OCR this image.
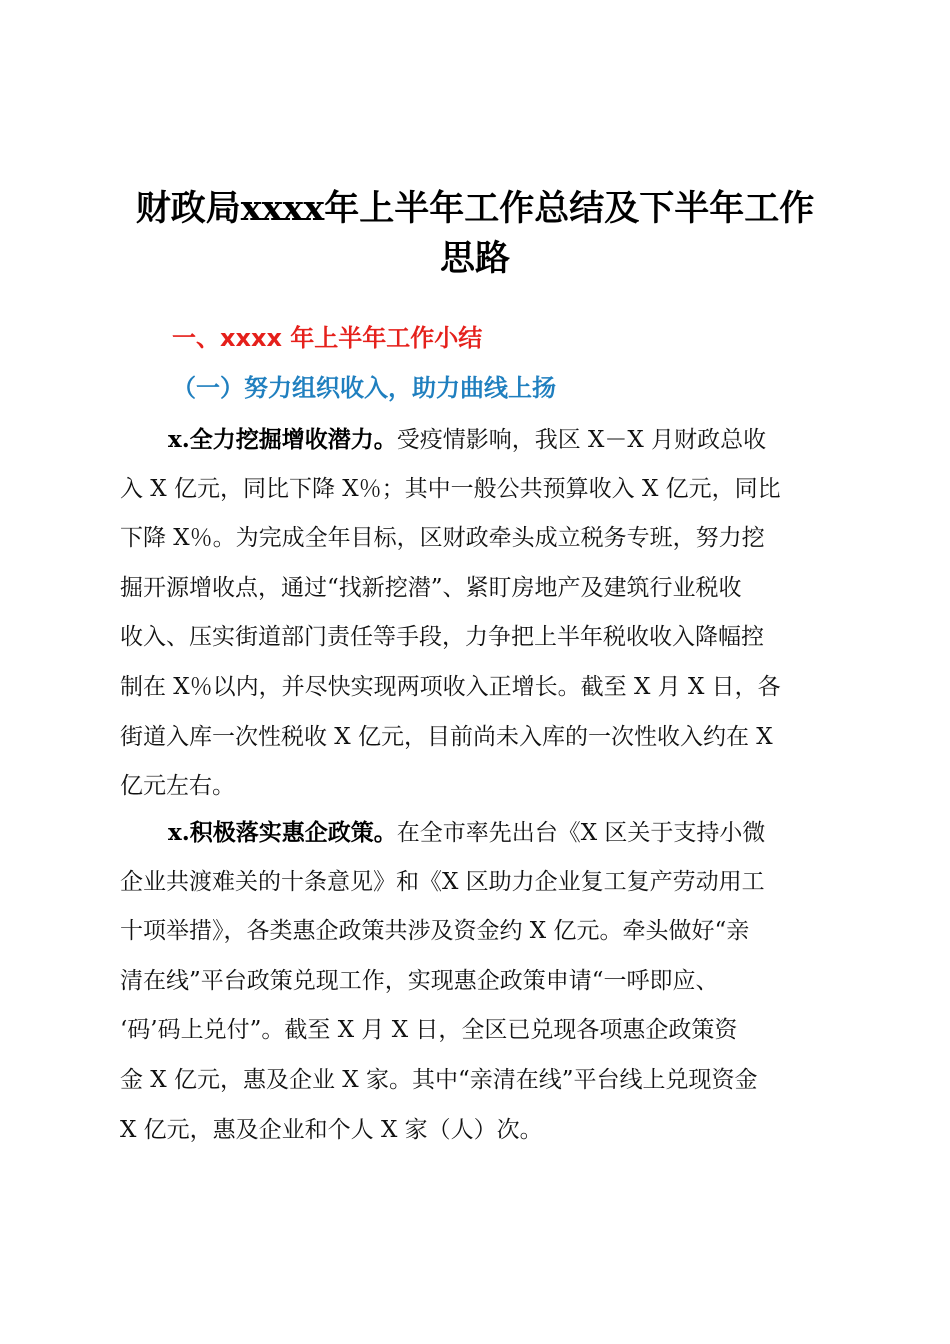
财政局xxxx年上半年工作总结及下半年工作
思路
一、xxxx 年上半年工作小结
（一）努力组织收入，助力曲线上扬
x.全力挖掘增收潜力。受疫情影响，我区 X－X 月财政总收
入 X 亿元，同比下降 X％；其中一般公共预算收入 X 亿元，同比
下降 X％。为完成全年目标，区财政牵头成立税务专班，努力挖
掘开源增收点，通过“找新挖潜”、紧盯房地产及建筑行业税收
收入、压实街道部门责任等手段，力争把上半年税收收入降幅控
制在 X％以内，并尽快实现两项收入正增长。截至 X 月 X 日，各
街道入库一次性税收 X 亿元，目前尚未入库的一次性收入约在 X
亿元左右。
x.积极落实惠企政策。在全市率先出台《X 区关于支持小微
企业共渡难关的十条意见》和《X 区助力企业复工复产劳动用工
十项举措》，各类惠企政策共涉及资金约 X 亿元。牵头做好“亲
清在线”平台政策兑现工作，实现惠企政策申请“一呼即应、
‘码’码上兑付”。截至 X 月 X 日，全区已兑现各项惠企政策资
金 X 亿元，惠及企业 X 家。其中“亲清在线”平台线上兑现资金
X 亿元，惠及企业和个人 X 家（人）次。
